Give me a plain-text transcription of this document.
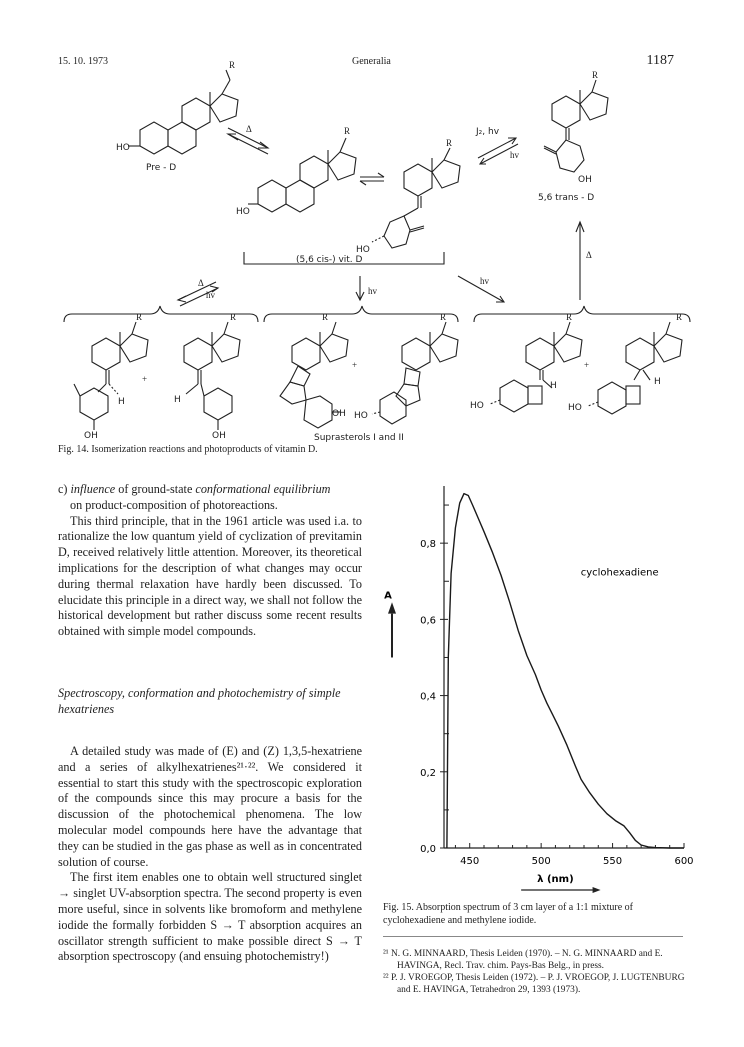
15. 10. 1973	Generalia	1187
R
HO
Pre - D
Δ	R
HO
R
HO
(5,6 cis-) vit. D
J₂, hv
hv
R
OH
5,6 trans - D
Δ
Δ
hv	hv
hv
R
H
OH
+
R
H
OH
R
OH
+
R
HO
Suprasterols I and II
R
H
HO
+
R
H
HO
Fig. 14. Isomerization reactions and photoproducts of vitamin D.
c) influence of ground-state conformational equilibrium
on product-composition of photoreactions.

This third principle, that in the 1961 article was used i.a. to rationalize the low quantum yield of cyclization of previtamin D, received relatively little attention. Moreover, its theoretical implications for the description of what changes may occur during thermal relaxation have hardly been discussed. To elucidate this principle in a direct way, we shall not follow the historical development but rather discuss some recent results obtained with simple model compounds.

Spectroscopy, conformation and photochemistry of simple hexatrienes

A detailed study was made of (E) and (Z) 1,3,5-hexatriene and a series of alkylhexatrienes²¹·²². We considered it essential to start this study with the spectroscopic exploration of the compounds since this may procure a basis for the discussion of the photochemical phenomena. The low molecular model compounds here have the advantage that they can be studied in the gas phase as well as in concentrated solution of course.

The first item enables one to obtain well structured singlet → singlet UV-absorption spectra. The second property is even more useful, since in solvents like bromoform and methylene iodide the formally forbidden S → T absorption acquires an oscillator strength sufficient to make possible direct S → T absorption spectroscopy (and ensuing photochemistry!)

0,0
0,2
0,4
0,6
0,8
450	500	550	600
λ (nm)
A
cyclohexadiene
Fig. 15. Absorption spectrum of 3 cm layer of a 1:1 mixture of cyclohexadiene and methylene iodide.

²¹ N. G. MINNAARD, Thesis Leiden (1970). – N. G. MINNAARD and E. HAVINGA, Recl. Trav. chim. Pays-Bas Belg., in press.

²² P. J. VROEGOP, Thesis Leiden (1972). – P. J. VROEGOP, J. LUGTENBURG and E. HAVINGA, Tetrahedron 29, 1393 (1973).
